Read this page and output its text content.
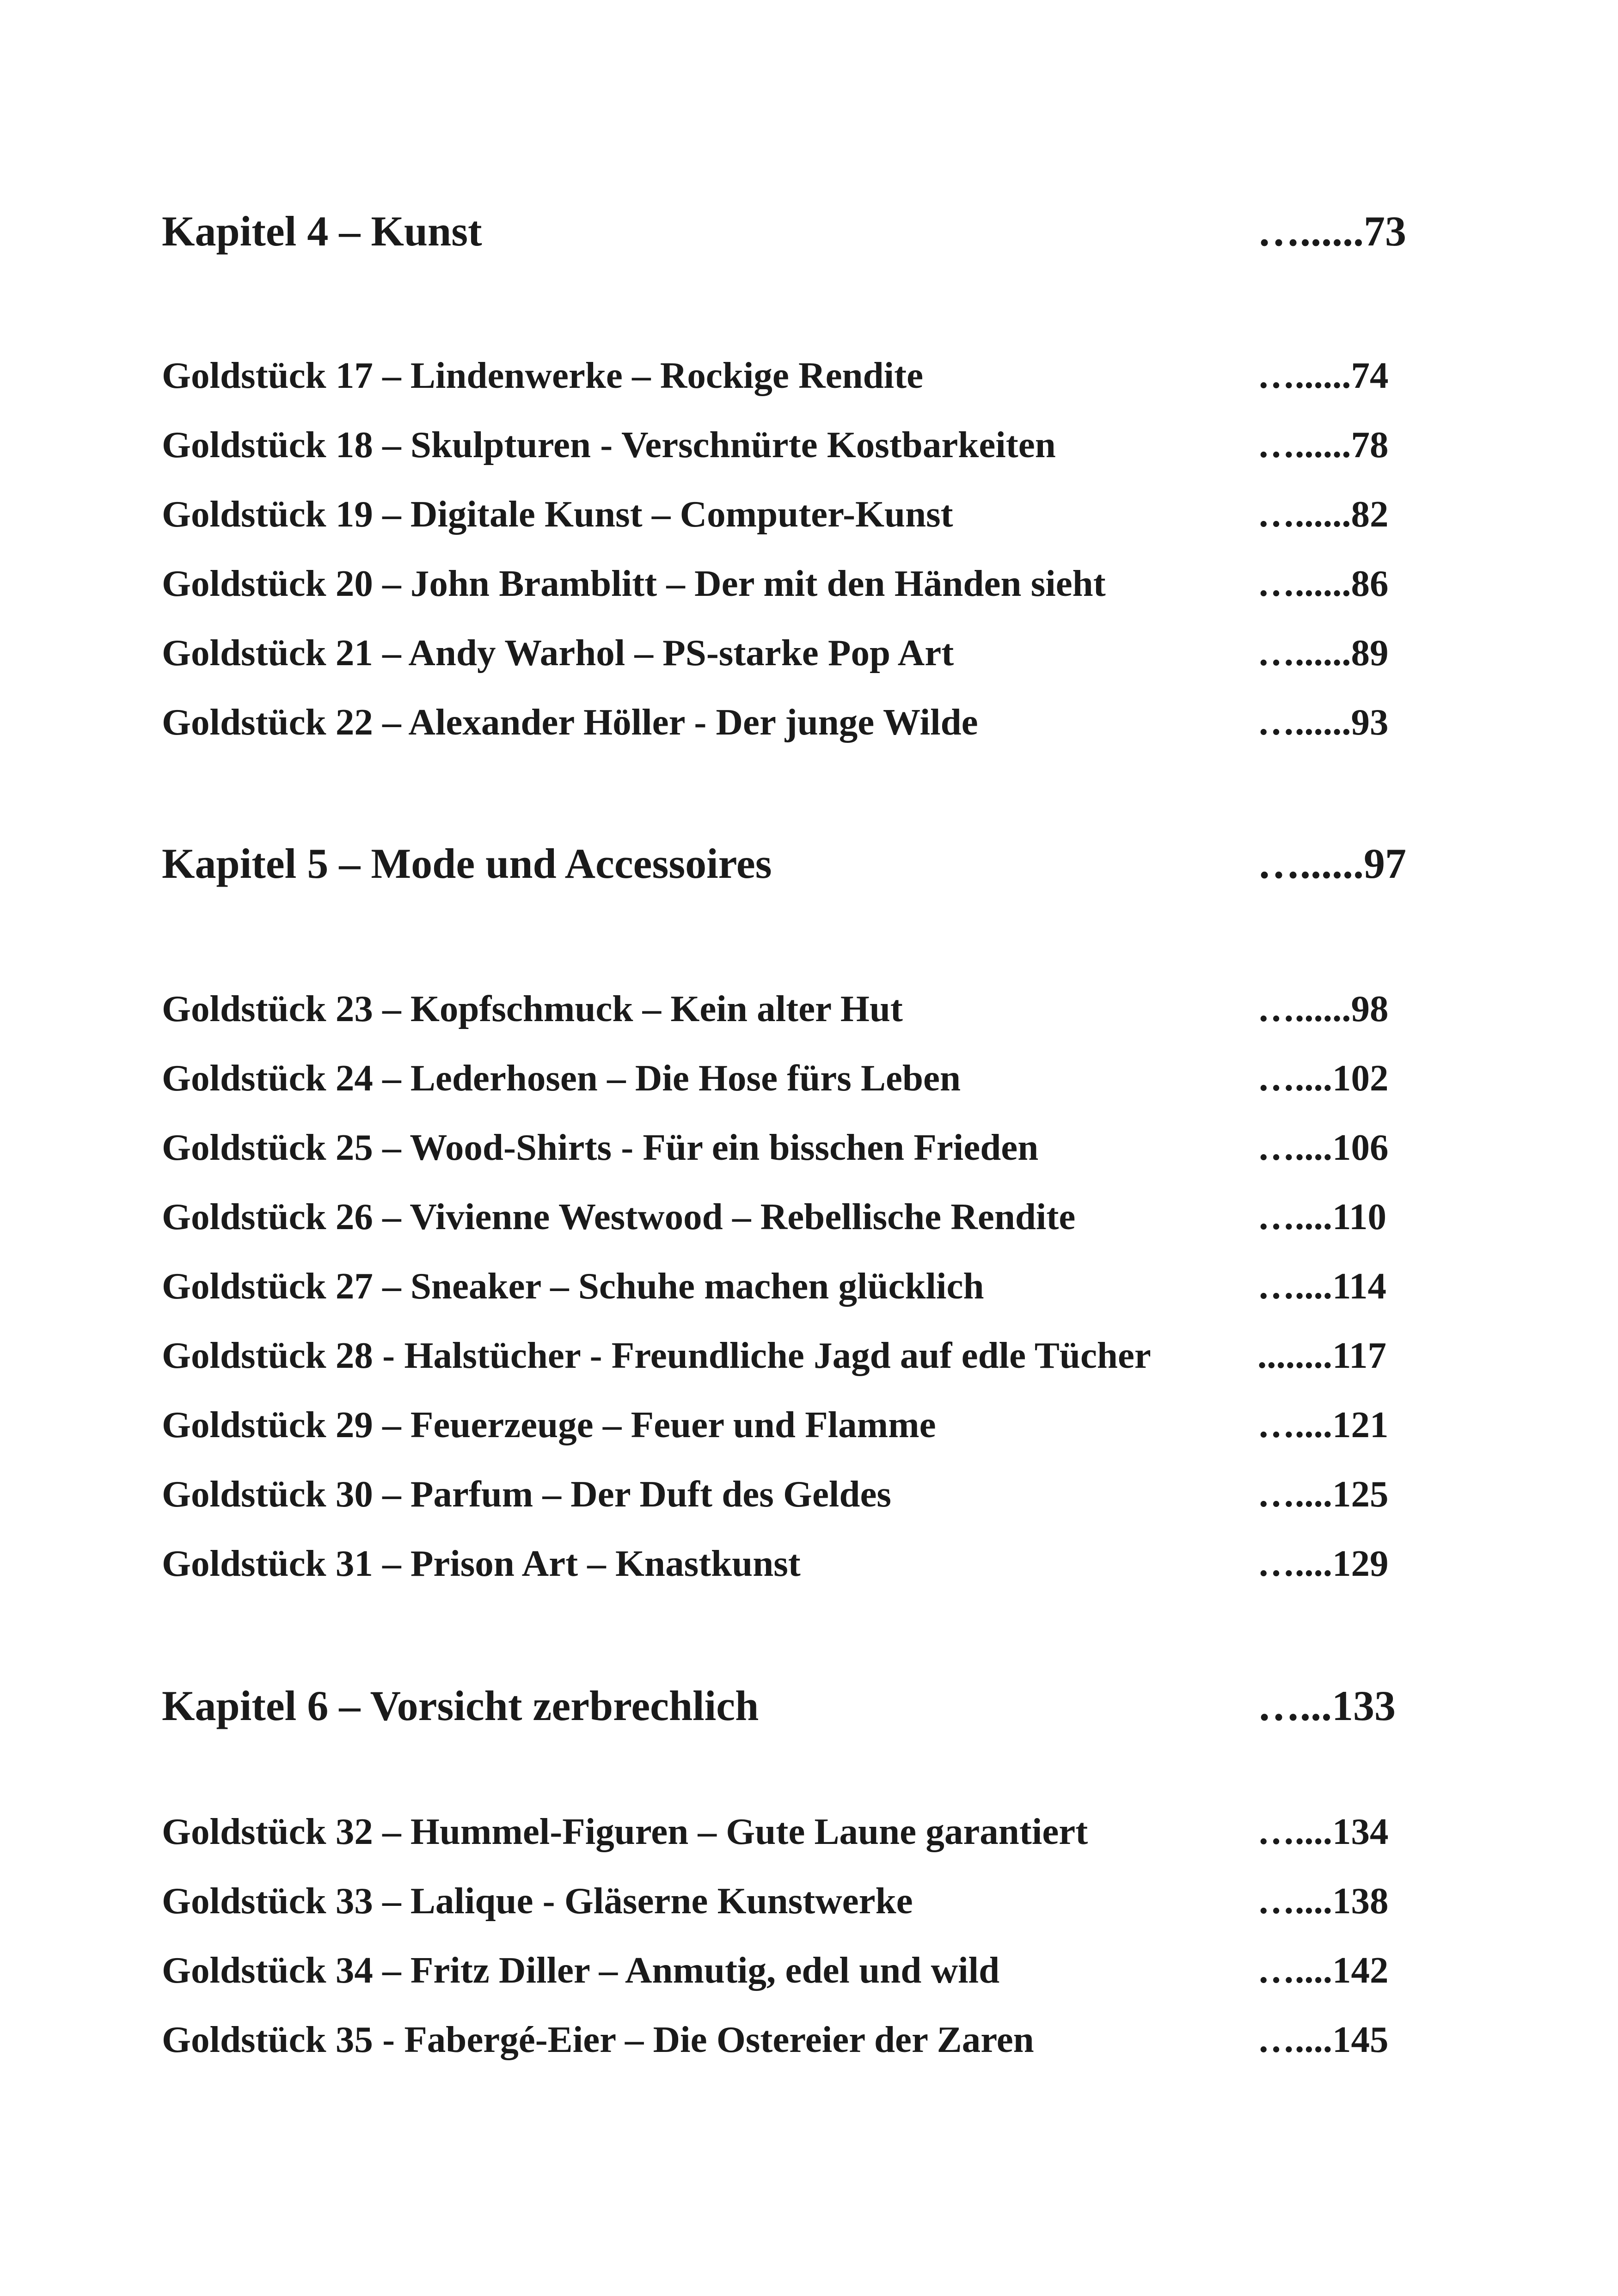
Kapitel 4 – Kunst	…......73
Goldstück 17 – Lindenwerke – Rockige Rendite	…......74
Goldstück 18 – Skulpturen - Verschnürte Kostbarkeiten	…......78
Goldstück 19 – Digitale Kunst – Computer-Kunst	…......82
Goldstück 20 – John Bramblitt – Der mit den Händen sieht	…......86
Goldstück 21 – Andy Warhol – PS-starke Pop Art	…......89
Goldstück 22 – Alexander Höller - Der junge Wilde	…......93
Kapitel 5 – Mode und Accessoires	…......97
Goldstück 23 – Kopfschmuck – Kein alter Hut	…......98
Goldstück 24 – Lederhosen – Die Hose fürs Leben	…....102
Goldstück 25 – Wood-Shirts - Für ein bisschen Frieden	…....106
Goldstück 26 – Vivienne Westwood – Rebellische Rendite	…....110
Goldstück 27 – Sneaker – Schuhe machen glücklich	…....114
Goldstück 28 - Halstücher - Freundliche Jagd auf edle Tücher	........117
Goldstück 29 – Feuerzeuge – Feuer und Flamme	…....121
Goldstück 30 – Parfum – Der Duft des Geldes	…....125
Goldstück 31 – Prison Art – Knastkunst	…....129
Kapitel 6 – Vorsicht zerbrechlich	…...133
Goldstück 32 – Hummel-Figuren – Gute Laune garantiert	…....134
Goldstück 33 – Lalique - Gläserne Kunstwerke	…....138
Goldstück 34 – Fritz Diller – Anmutig, edel und wild	…....142
Goldstück 35 - Fabergé-Eier – Die Ostereier der Zaren	…....145
